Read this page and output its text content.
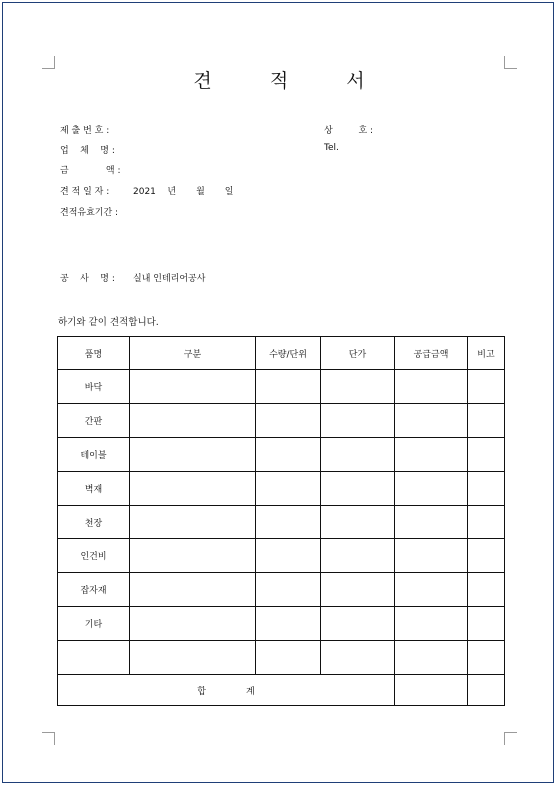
견 적 서
제 출 번 호 :
업    체    명 :
금             액 :
견 적 일 자 :	2021    년       월       일
견적유효기간 :
상         호 :
Tel.
공    사    명 : 실내 인테리어공사
하기와 같이 견적합니다.
품명	구분	수량/단위	단가	공급금액	비고
바닥					
간판					
테이블					
벽재					
천장					
인건비					
잡자재					
기타					

합계					
